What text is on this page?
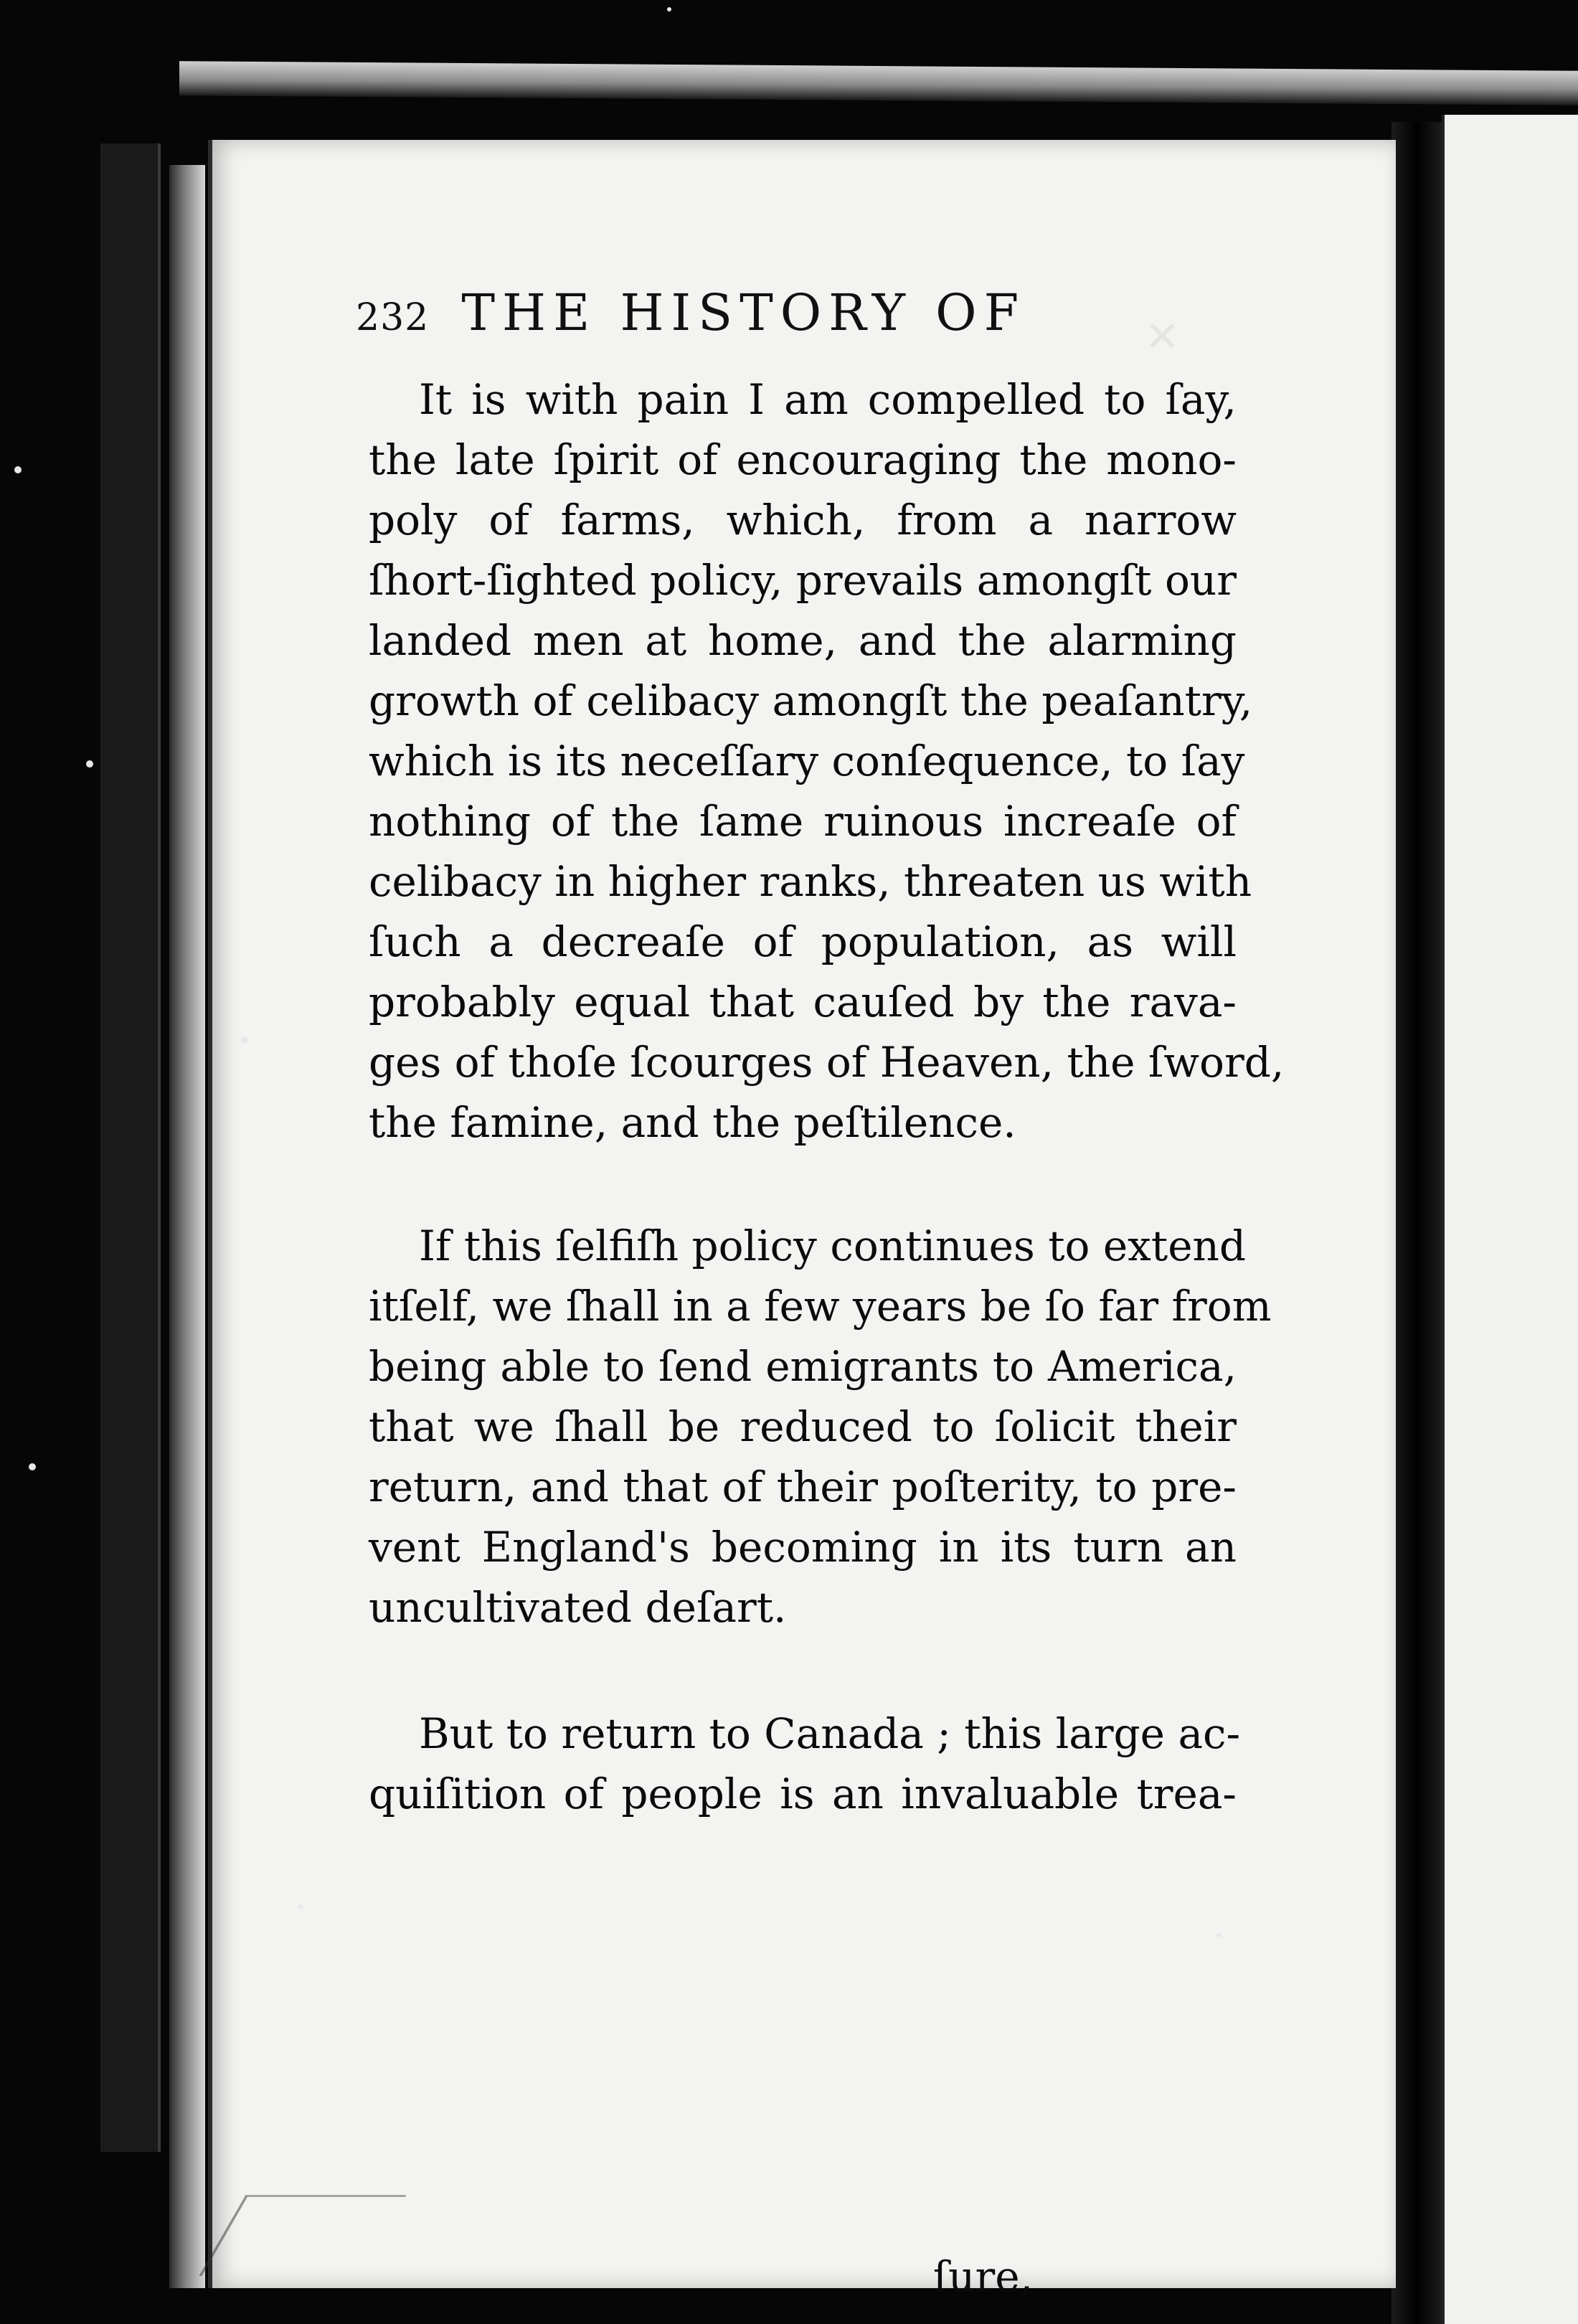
232 THE HISTORY OF	✕
It is with pain I am compelled to ſay,
the late ſpirit of encouraging the mono-
poly of farms, which, from a narrow
ſhort-ſighted policy, prevails amongſt our
landed men at home, and the alarming
growth of celibacy amongſt the peaſantry,
which is its neceſſary conſequence, to ſay
nothing of the ſame ruinous increaſe of
celibacy in higher ranks, threaten us with
ſuch a decreaſe of population, as will
probably equal that cauſed by the rava-
ges of thoſe ſcourges of Heaven, the ſword,
the famine, and the peſtilence.
If this ſelfiſh policy continues to extend
itſelf, we ſhall in a few years be ſo far from
being able to ſend emigrants to America,
that we ſhall be reduced to ſolicit their
return, and that of their poſterity, to pre-
vent England's becoming in its turn an
uncultivated deſart.
But to return to Canada ; this large ac-
quiſition of people is an invaluable trea-
ſure,
